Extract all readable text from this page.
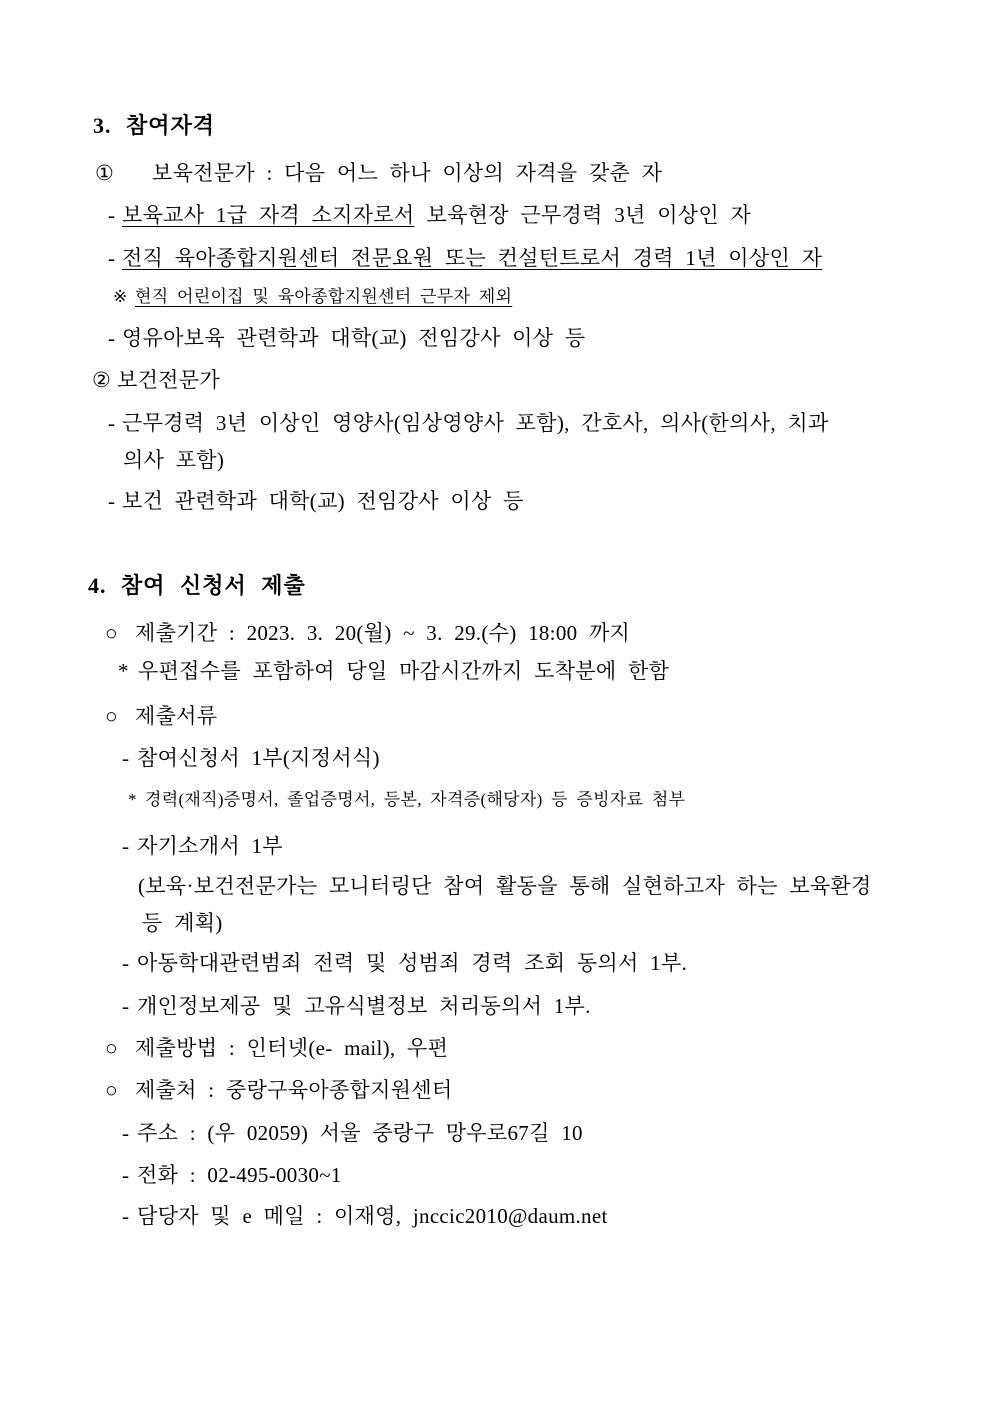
3. 참여자격
① 보육전문가 : 다음 어느 하나 이상의 자격을 갖춘 자
- 보육교사 1급 자격 소지자로서 보육현장 근무경력 3년 이상인 자
- 전직 육아종합지원센터 전문요원 또는 컨설턴트로서 경력 1년 이상인 자
※ 현직 어린이집 및 육아종합지원센터 근무자 제외
- 영유아보육 관련학과 대학(교) 전임강사 이상 등
② 보건전문가
- 근무경력 3년 이상인 영양사(임상영양사 포함), 간호사, 의사(한의사, 치과
의사 포함)
- 보건 관련학과 대학(교) 전임강사 이상 등
4. 참여 신청서 제출
○ 제출기간 : 2023. 3. 20(월) ~ 3. 29.(수) 18:00 까지
* 우편접수를 포함하여 당일 마감시간까지 도착분에 한함
○ 제출서류
- 참여신청서 1부(지정서식)
* 경력(재직)증명서, 졸업증명서, 등본, 자격증(해당자) 등 증빙자료 첨부
- 자기소개서 1부
(보육·보건전문가는 모니터링단 참여 활동을 통해 실현하고자 하는 보육환경
등 계획)
- 아동학대관련범죄 전력 및 성범죄 경력 조회 동의서 1부.
- 개인정보제공 및 고유식별정보 처리동의서 1부.
○ 제출방법 : 인터넷(e- mail), 우편
○ 제출처 : 중랑구육아종합지원센터
- 주소 : (우 02059) 서울 중랑구 망우로67길 10
- 전화 : 02-495-0030~1
- 담당자 및 e 메일 : 이재영, jnccic2010@daum.net
